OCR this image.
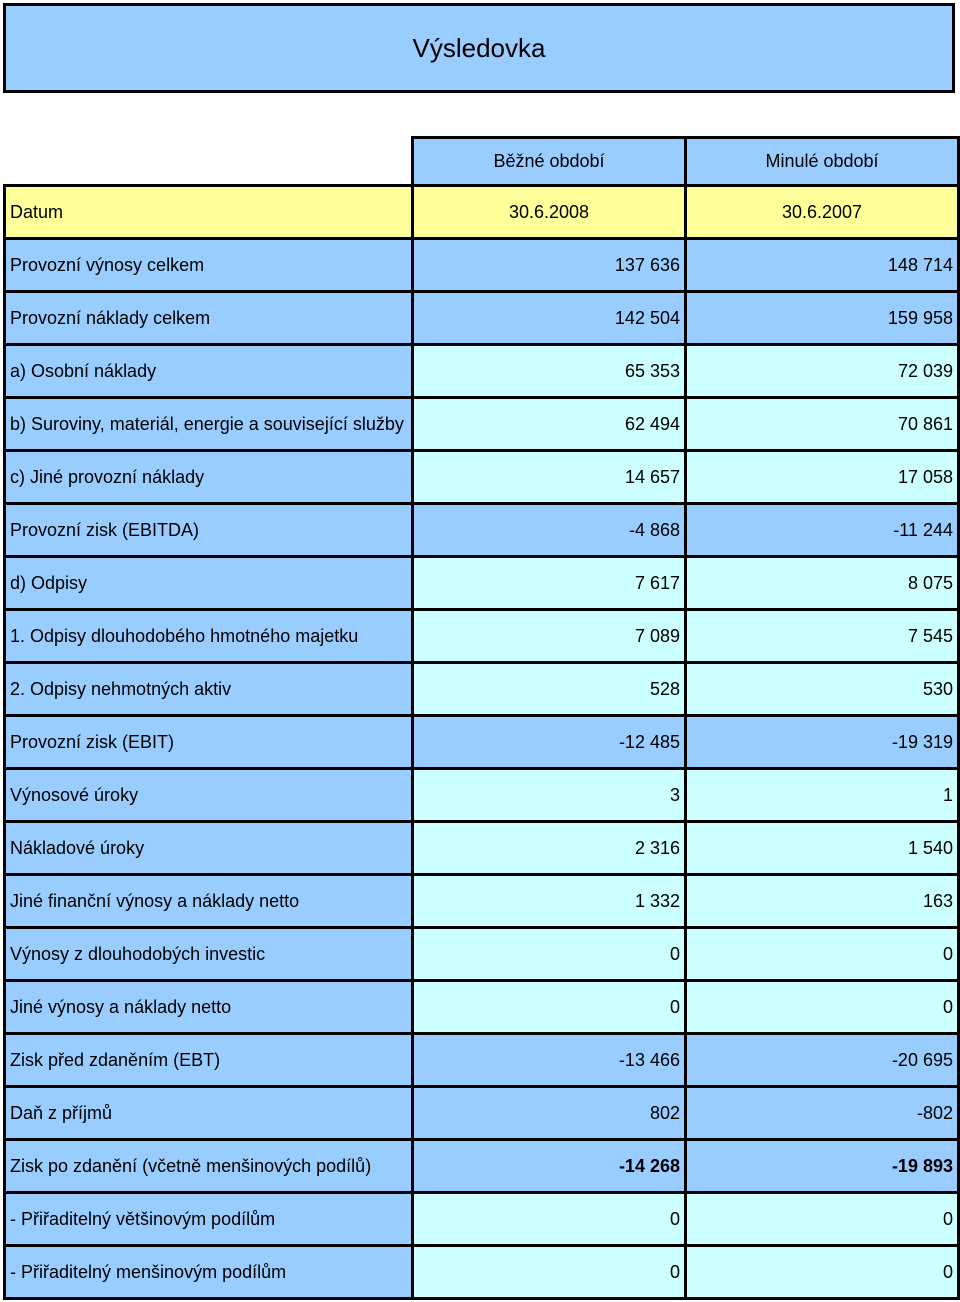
Výsledovka
	Běžné období	Minulé období
Datum	30.6.2008	30.6.2007
Provozní výnosy celkem	137 636	148 714
Provozní náklady celkem	142 504	159 958
a) Osobní náklady	65 353	72 039
b) Suroviny, materiál, energie a související služby	62 494	70 861
c) Jiné provozní náklady	14 657	17 058
Provozní zisk (EBITDA)	-4 868	-11 244
d) Odpisy	7 617	8 075
1. Odpisy dlouhodobého hmotného majetku	7 089	7 545
2. Odpisy nehmotných aktiv	528	530
Provozní zisk (EBIT)	-12 485	-19 319
Výnosové úroky	3	1
Nákladové úroky	2 316	1 540
Jiné finanční výnosy a náklady netto	1 332	163
Výnosy z dlouhodobých investic	0	0
Jiné výnosy a náklady netto	0	0
Zisk před zdaněním (EBT)	-13 466	-20 695
Daň z příjmů	802	-802
Zisk po zdanění (včetně menšinových podílů)	-14 268	-19 893
- Přiřaditelný většinovým podílům	0	0
- Přiřaditelný menšinovým podílům	0	0
